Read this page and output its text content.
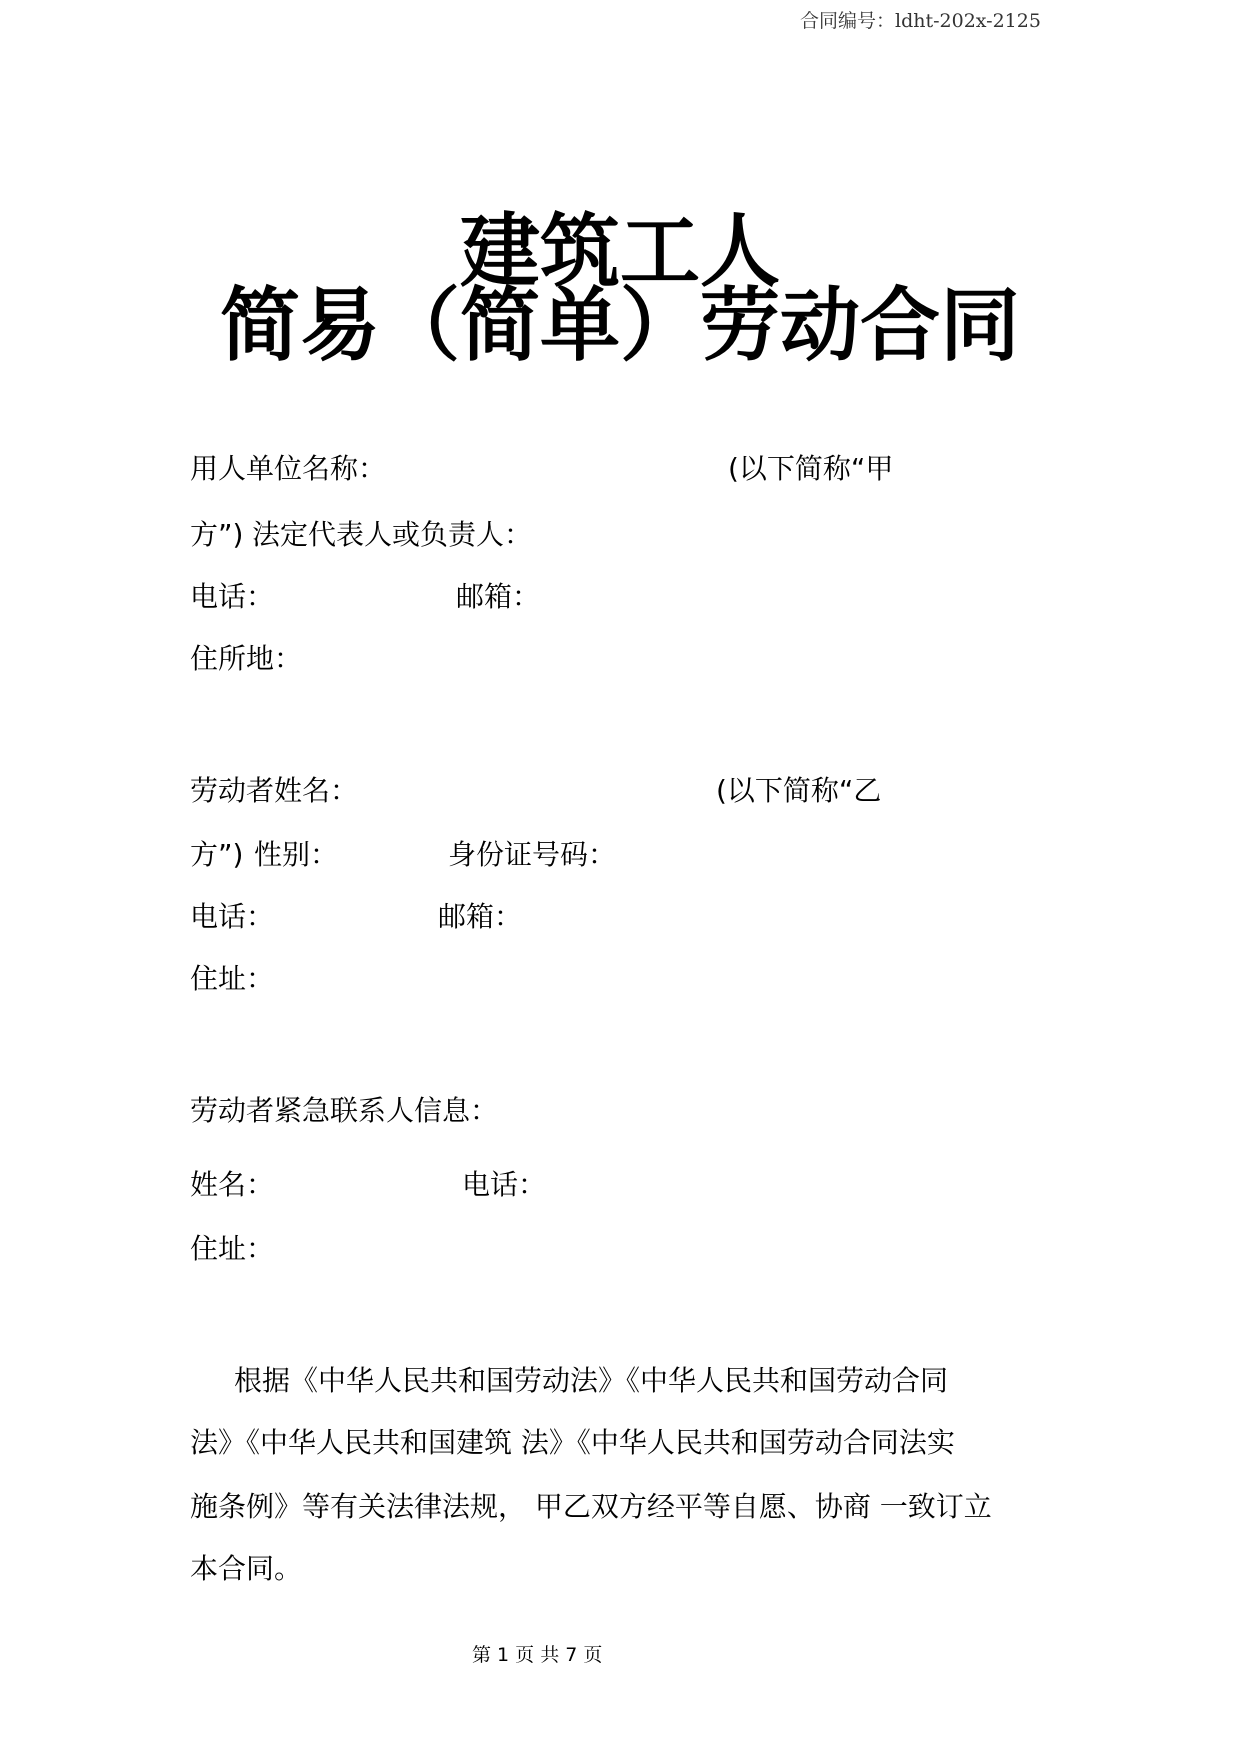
合同编号：ldht-202x-2125
建筑工人
简易（简单）劳动合同
用人单位名称：	(以下简称“甲
方”) 法定代表人或负责人：
电话：	邮箱：
住所地：
劳动者姓名：	(以下简称“乙
方”) 性别：	身份证号码：
电话：	邮箱：
住址：
劳动者紧急联系人信息：
姓名：	电话：
住址：
根据《中华人民共和国劳动法》《中华人民共和国劳动合同
法》《中华人民共和国建筑 法》《中华人民共和国劳动合同法实
施条例》等有关法律法规， 甲乙双方经平等自愿、协商 一致订立
本合同。
第 1 页 共 7 页
